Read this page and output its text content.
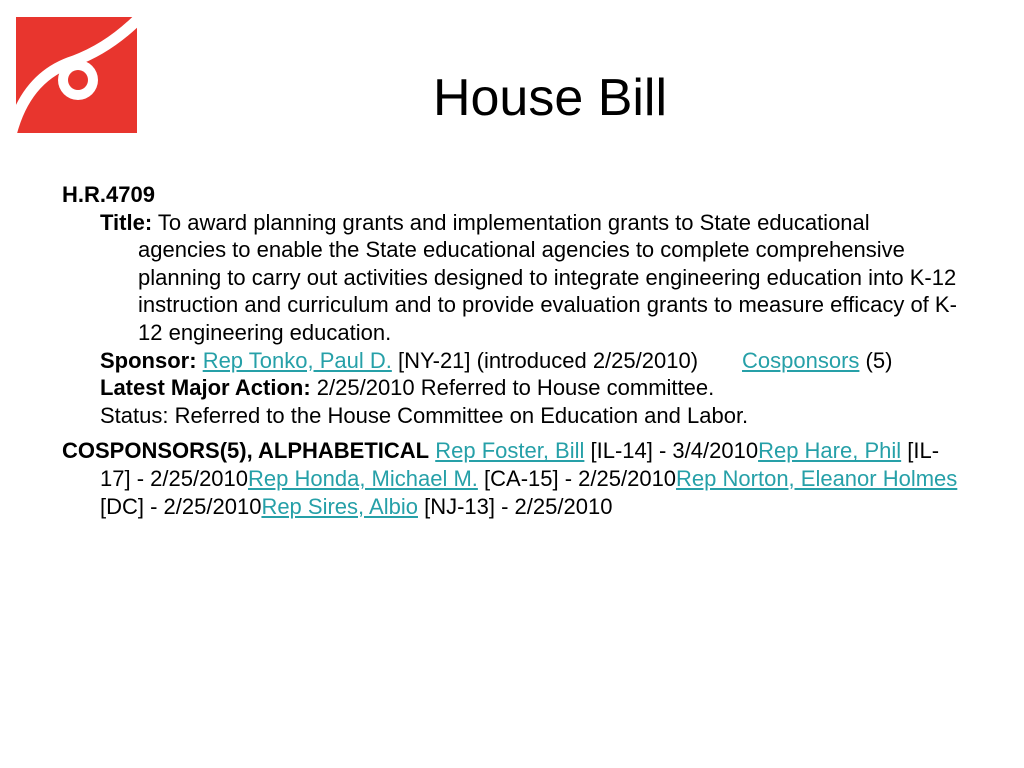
House Bill
H.R.4709
Title: To award planning grants and implementation grants to State educational agencies to enable the State educational agencies to complete comprehensive planning to carry out activities designed to integrate engineering education into K-12 instruction and curriculum and to provide evaluation grants to measure efficacy of K-12 engineering education.
Sponsor: Rep Tonko, Paul D. [NY-21] (introduced 2/25/2010) Cosponsors (5)
Latest Major Action: 2/25/2010 Referred to House committee.
Status: Referred to the House Committee on Education and Labor.
COSPONSORS(5), ALPHABETICAL Rep Foster, Bill [IL-14] - 3/4/2010Rep Hare, Phil [IL-17] - 2/25/2010Rep Honda, Michael M. [CA-15] - 2/25/2010Rep Norton, Eleanor Holmes [DC] - 2/25/2010Rep Sires, Albio [NJ-13] - 2/25/2010
